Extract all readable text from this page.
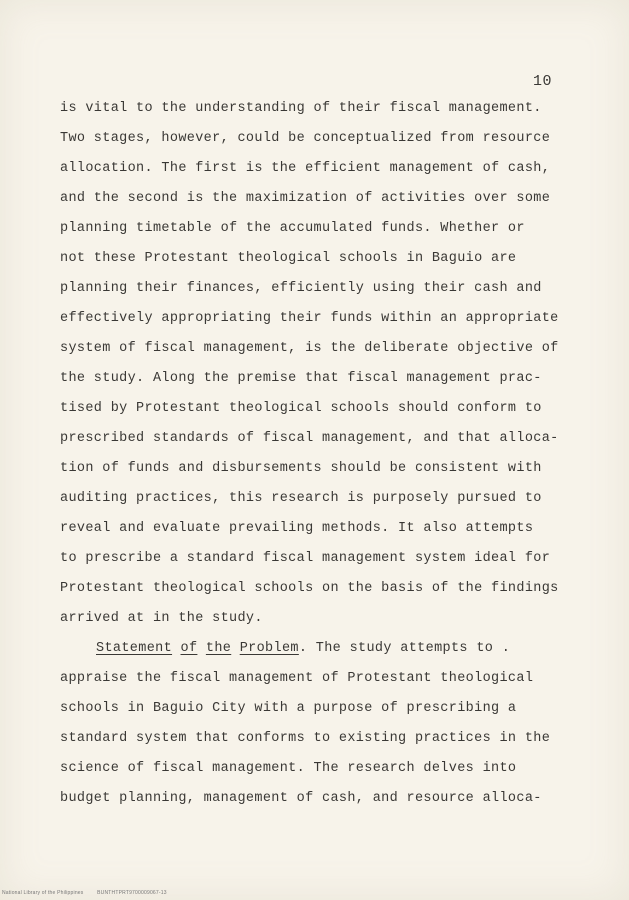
10
is vital to the understanding of their fiscal management.
Two stages, however, could be conceptualized from resource
allocation. The first is the efficient management of cash,
and the second is the maximization of activities over some
planning timetable of the accumulated funds. Whether or
not these Protestant theological schools in Baguio are
planning their finances, efficiently using their cash and
effectively appropriating their funds within an appropriate
system of fiscal management, is the deliberate objective of
the study. Along the premise that fiscal management prac-
tised by Protestant theological schools should conform to
prescribed standards of fiscal management, and that alloca-
tion of funds and disbursements should be consistent with
auditing practices, this research is purposely pursued to
reveal and evaluate prevailing methods. It also attempts
to prescribe a standard fiscal management system ideal for
Protestant theological schools on the basis of the findings
arrived at in the study.
Statement of the Problem. The study attempts to .
appraise the fiscal management of Protestant theological
schools in Baguio City with a purpose of prescribing a
standard system that conforms to existing practices in the
science of fiscal management. The research delves into
budget planning, management of cash, and resource alloca-
National Library of the Philippines	BUNTHTPRT9700009067-13
